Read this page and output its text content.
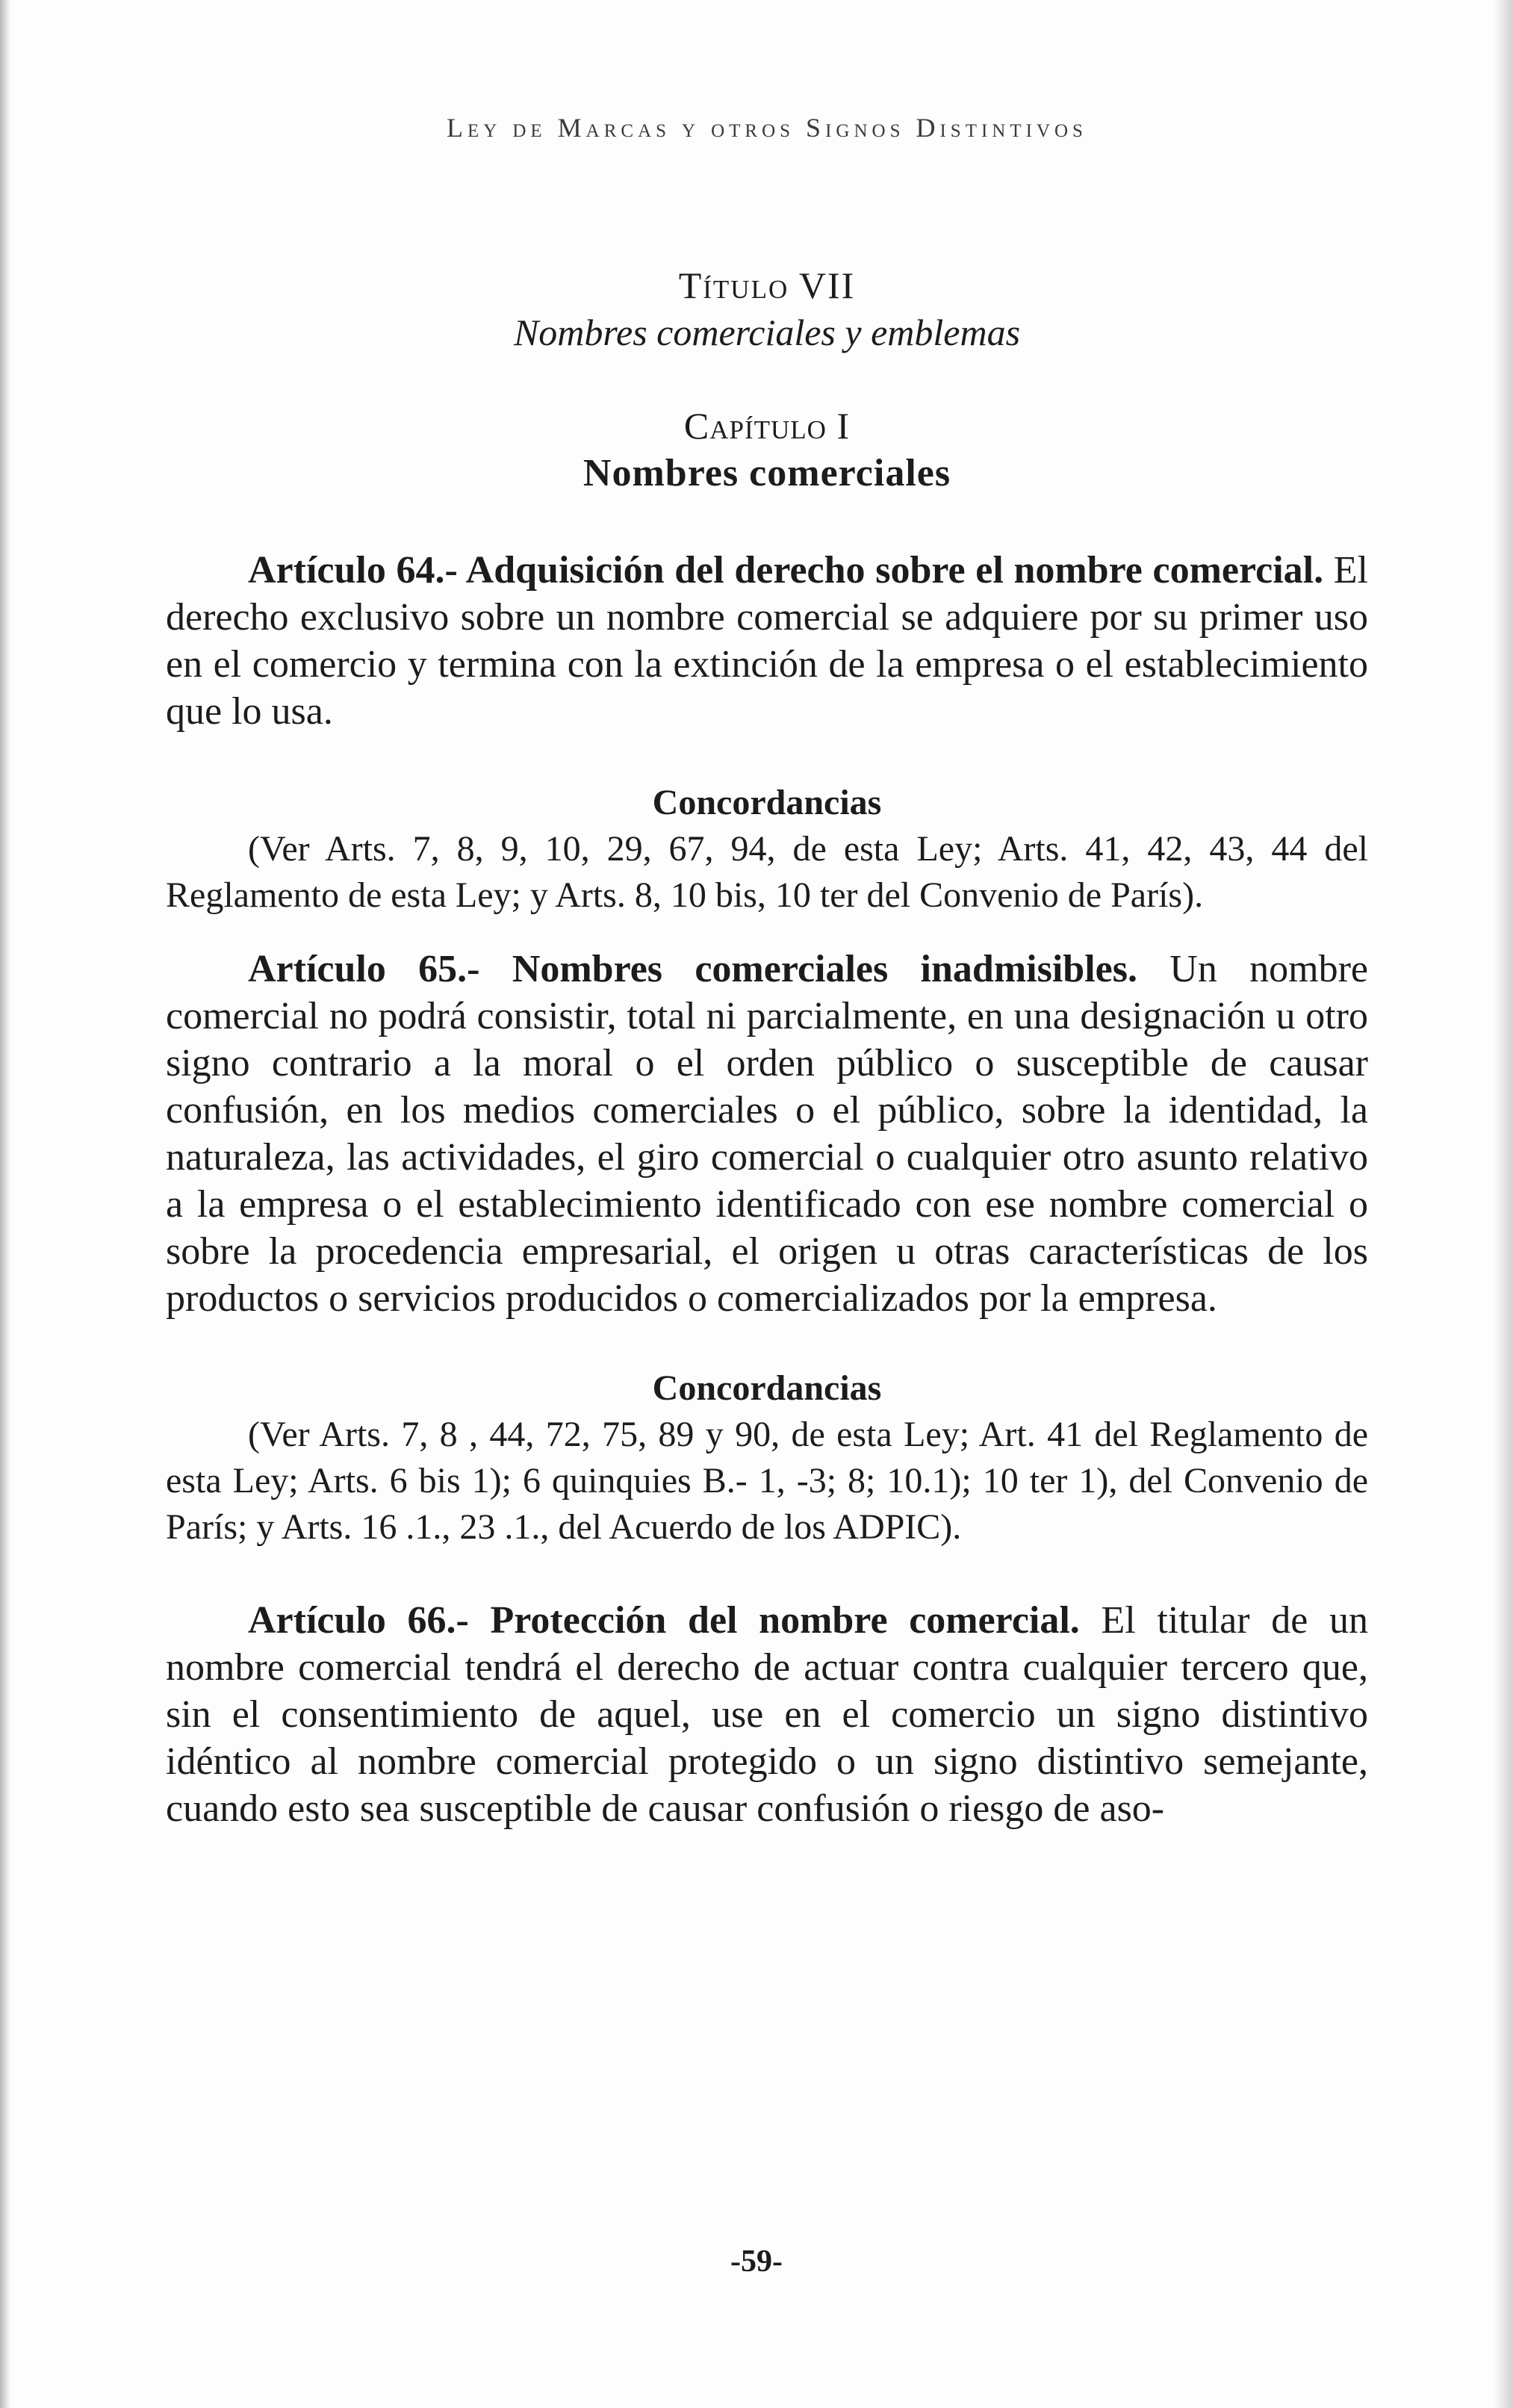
Ley de Marcas y otros Signos Distintivos

Título VII

Nombres comerciales y emblemas

Capítulo I

Nombres comerciales

Artículo 64.- Adquisición del derecho sobre el nombre comercial. El derecho exclusivo sobre un nombre comercial se adquiere por su primer uso en el comercio y termina con la extinción de la empresa o el establecimiento que lo usa.

Concordancias

(Ver Arts. 7, 8, 9, 10, 29, 67, 94, de esta Ley; Arts. 41, 42, 43, 44 del Reglamento de esta Ley; y Arts. 8, 10 bis, 10 ter del Convenio de París).

Artículo 65.- Nombres comerciales inadmisibles. Un nombre comercial no podrá consistir, total ni parcialmente, en una designación u otro signo contrario a la moral o el orden público o susceptible de causar confusión, en los medios comerciales o el público, sobre la identidad, la naturaleza, las actividades, el giro comercial o cualquier otro asunto relativo a la empresa o el establecimiento identificado con ese nombre comercial o sobre la procedencia empresarial, el origen u otras características de los productos o servicios producidos o comercializados por la empresa.

Concordancias

(Ver Arts. 7, 8 , 44, 72, 75, 89 y 90, de esta Ley; Art. 41 del Reglamento de esta Ley; Arts. 6 bis 1); 6 quinquies B.- 1, -3; 8; 10.1); 10 ter 1), del Convenio de París; y Arts. 16 .1., 23 .1., del Acuerdo de los ADPIC).

Artículo 66.- Protección del nombre comercial. El titular de un nombre comercial tendrá el derecho de actuar contra cualquier tercero que, sin el consentimiento de aquel, use en el comercio un signo distintivo idéntico al nombre comercial protegido o un signo distintivo semejante, cuando esto sea susceptible de causar confusión o riesgo de aso-

-59-
